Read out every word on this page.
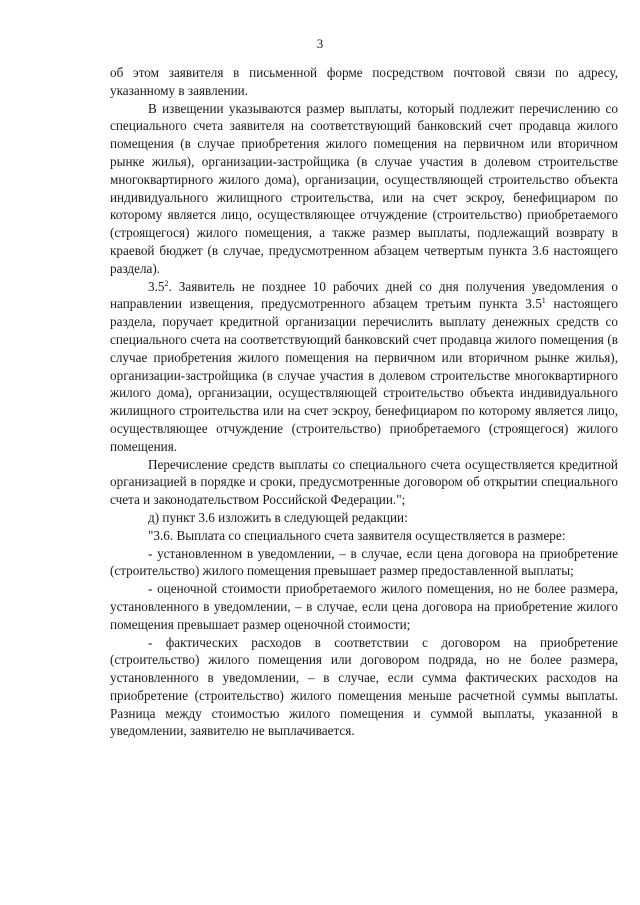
3

об этом заявителя в письменной форме посредством почтовой связи по адресу, указанному в заявлении.

В извещении указываются размер выплаты, который подлежит перечислению со специального счета заявителя на соответствующий банковский счет продавца жилого помещения (в случае приобретения жилого помещения на первичном или вторичном рынке жилья), организации-застройщика (в случае участия в долевом строительстве многоквартирного жилого дома), организации, осуществляющей строительство объекта индивидуального жилищного строительства, или на счет эскроу, бенефициаром по которому является лицо, осуществляющее отчуждение (строительство) приобретаемого (строящегося) жилого помещения, а также размер выплаты, подлежащий возврату в краевой бюджет (в случае, предусмотренном абзацем четвертым пункта 3.6 настоящего раздела).

$3.5^2$. Заявитель не позднее 10 рабочих дней со дня получения уведомления о направлении извещения, предусмотренного абзацем третьим пункта $3.5^1$ настоящего раздела, поручает кредитной организации перечислить выплату денежных средств со специального счета на соответствующий банковский счет продавца жилого помещения (в случае приобретения жилого помещения на первичном или вторичном рынке жилья), организации-застройщика (в случае участия в долевом строительстве многоквартирного жилого дома), организации, осуществляющей строительство объекта индивидуального жилищного строительства или на счет эскроу, бенефициаром по которому является лицо, осуществляющее отчуждение (строительство) приобретаемого (строящегося) жилого помещения.

Перечисление средств выплаты со специального счета осуществляется кредитной организацией в порядке и сроки, предусмотренные договором об открытии специального счета и законодательством Российской Федерации.";

д) пункт 3.6 изложить в следующей редакции:

"3.6. Выплата со специального счета заявителя осуществляется в размере:

- установленном в уведомлении, – в случае, если цена договора на приобретение (строительство) жилого помещения превышает размер предоставленной выплаты;

- оценочной стоимости приобретаемого жилого помещения, но не более размера, установленного в уведомлении, – в случае, если цена договора на приобретение жилого помещения превышает размер оценочной стоимости;

- фактических расходов в соответствии с договором на приобретение (строительство) жилого помещения или договором подряда, но не более размера, установленного в уведомлении, – в случае, если сумма фактических расходов на приобретение (строительство) жилого помещения меньше расчетной суммы выплаты. Разница между стоимостью жилого помещения и суммой выплаты, указанной в уведомлении, заявителю не выплачивается.
